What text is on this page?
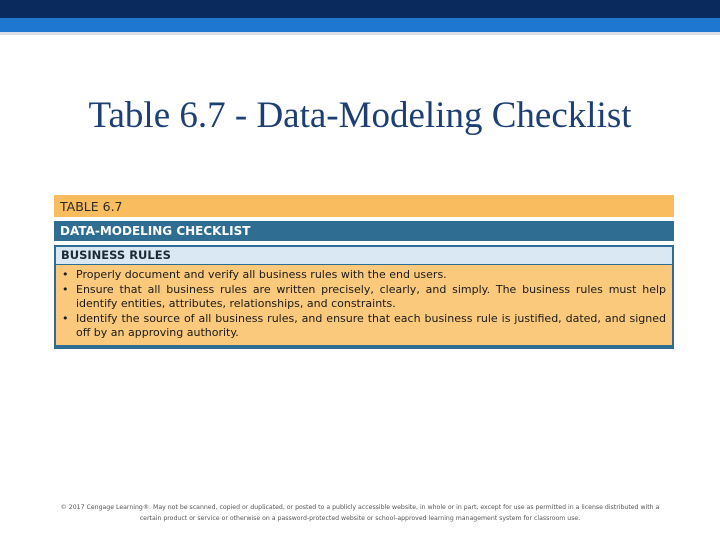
Table 6.7 - Data-Modeling Checklist
TABLE 6.7
DATA-MODELING CHECKLIST
BUSINESS RULES
• Properly document and verify all business rules with the end users.
• Ensure that all business rules are written precisely, clearly, and simply. The business rules must help identify entities, attributes, relationships, and constraints.
• Identify the source of all business rules, and ensure that each business rule is justified, dated, and signed off by an approving authority.
© 2017 Cengage Learning®. May not be scanned, copied or duplicated, or posted to a publicly accessible website, in whole or in part, except for use as permitted in a license distributed with a
certain product or service or otherwise on a password-protected website or school-approved learning management system for classroom use.
